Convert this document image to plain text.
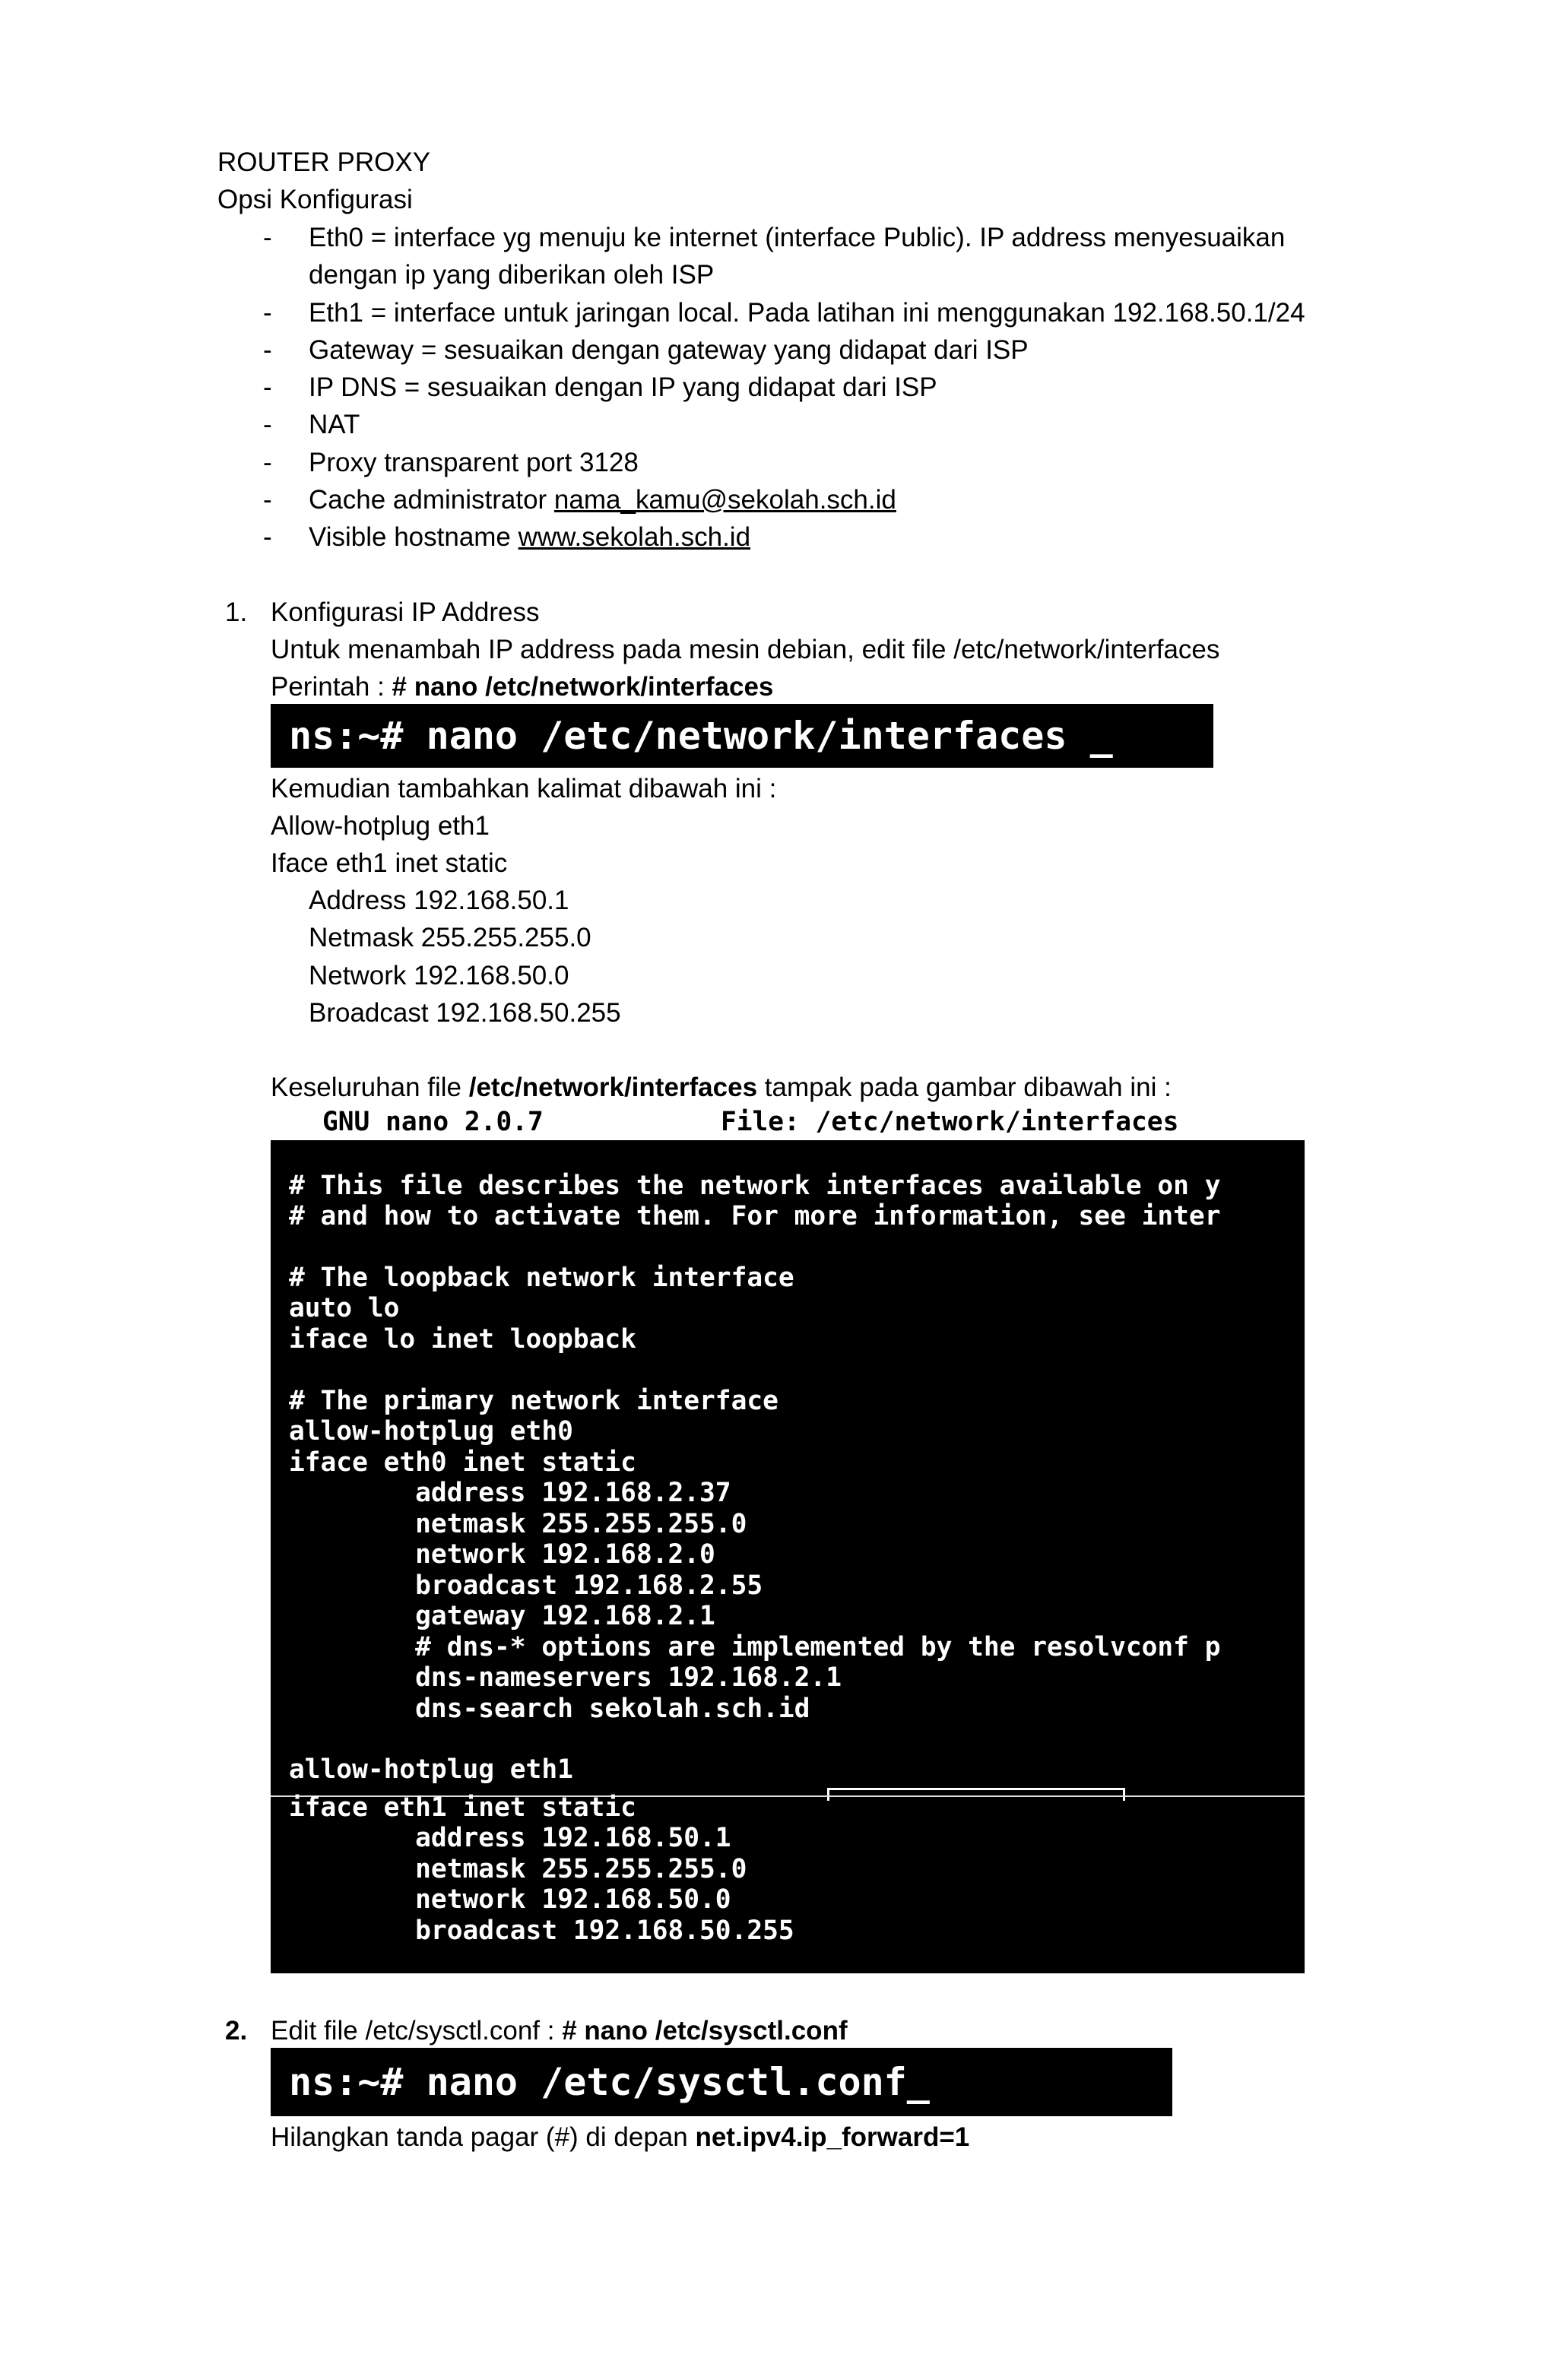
ROUTER PROXY
Opsi Konfigurasi
- Eth0 = interface yg menuju ke internet (interface Public). IP address menyesuaikan
dengan ip yang diberikan oleh ISP
- Eth1 = interface untuk jaringan local. Pada latihan ini menggunakan 192.168.50.1/24
- Gateway = sesuaikan dengan gateway yang didapat dari ISP
- IP DNS = sesuaikan dengan IP yang didapat dari ISP
- NAT
- Proxy transparent port 3128
- Cache administrator nama_kamu@sekolah.sch.id
- Visible hostname www.sekolah.sch.id
1. Konfigurasi IP Address
Untuk menambah IP address pada mesin debian, edit file /etc/network/interfaces
Perintah : # nano /etc/network/interfaces
ns:~# nano /etc/network/interfaces _
Kemudian tambahkan kalimat dibawah ini :
Allow-hotplug eth1
Iface eth1 inet static
Address 192.168.50.1
Netmask 255.255.255.0
Network 192.168.50.0
Broadcast 192.168.50.255
Keseluruhan file /etc/network/interfaces tampak pada gambar dibawah ini :

GNU nano 2.0.7

	File: /etc/network/interfaces

# This file describes the network interfaces available on y

# and how to activate them. For more information, see inter

# The loopback network interface

auto lo

iface lo inet loopback

# The primary network interface

allow-hotplug eth0

iface eth0 inet static

address 192.168.2.37

netmask 255.255.255.0

network 192.168.2.0

broadcast 192.168.2.55

gateway 192.168.2.1

# dns-* options are implemented by the resolvconf p

dns-nameservers 192.168.2.1

dns-search sekolah.sch.id

allow-hotplug eth1

iface eth1 inet static

address 192.168.50.1

netmask 255.255.255.0

network 192.168.50.0

broadcast 192.168.50.255

2. Edit file /etc/sysctl.conf : # nano /etc/sysctl.conf
ns:~# nano /etc/sysctl.conf_
Hilangkan tanda pagar (#) di depan net.ipv4.ip_forward=1
